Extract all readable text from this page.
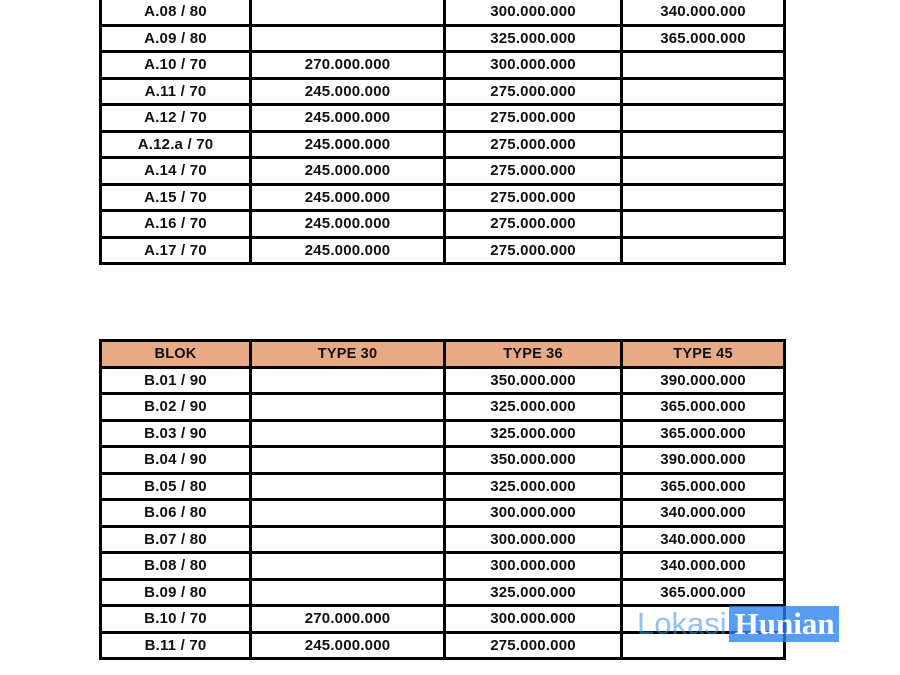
A.08 / 80		300.000.000	340.000.000
A.09 / 80		325.000.000	365.000.000
A.10 / 70	270.000.000	300.000.000	
A.11 / 70	245.000.000	275.000.000	
A.12 / 70	245.000.000	275.000.000	
A.12.a / 70	245.000.000	275.000.000	
A.14 / 70	245.000.000	275.000.000	
A.15 / 70	245.000.000	275.000.000	
A.16 / 70	245.000.000	275.000.000	
A.17 / 70	245.000.000	275.000.000	
BLOK	TYPE 30	TYPE 36	TYPE 45
B.01 / 90		350.000.000	390.000.000
B.02 / 90		325.000.000	365.000.000
B.03 / 90		325.000.000	365.000.000
B.04 / 90		350.000.000	390.000.000
B.05 / 80		325.000.000	365.000.000
B.06 / 80		300.000.000	340.000.000
B.07 / 80		300.000.000	340.000.000
B.08 / 80		300.000.000	340.000.000
B.09 / 80		325.000.000	365.000.000
B.10 / 70	270.000.000	300.000.000	
B.11 / 70	245.000.000	275.000.000	
Lokasi Hunian
